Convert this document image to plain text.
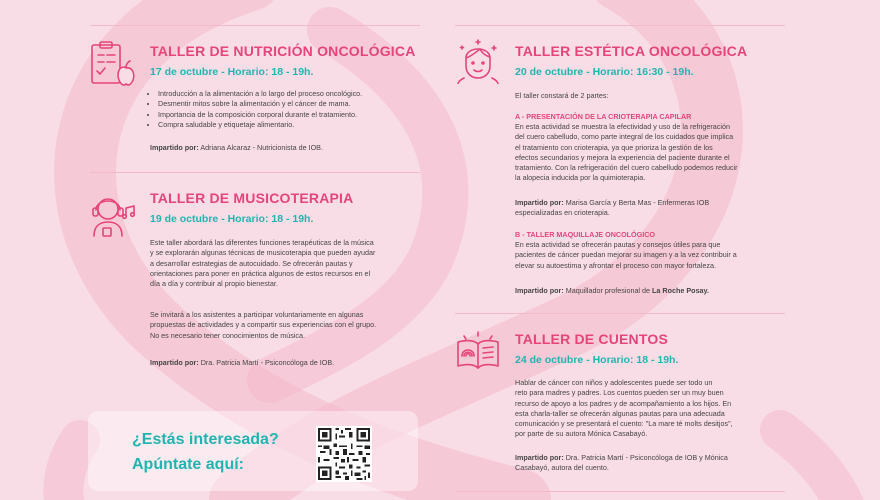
TALLER DE NUTRICIÓN ONCOLÓGICA

17 de octubre - Horario: 18 - 19h.

• Introducción a la alimentación a lo largo del proceso oncológico.
• Desmentir mitos sobre la alimentación y el cáncer de mama.
• Importancia de la composición corporal durante el tratamiento.
• Compra saludable y etiquetaje alimentario.

Impartido por: Adriana Alcaraz - Nutricionista de IOB.

TALLER DE MUSICOTERAPIA

19 de octubre - Horario: 18 - 19h.

Este taller abordará las diferentes funciones terapéuticas de la música
y se explorarán algunas técnicas de musicoterapia que pueden ayudar
a desarrollar estrategias de autocuidado. Se ofrecerán pautas y
orientaciones para poner en práctica algunos de estos recursos en el
día a día y contribuir al propio bienestar.
Se invitará a los asistentes a participar voluntariamente en algunas
propuestas de actividades y a compartir sus experiencias con el grupo.
No es necesario tener conocimientos de música.

Impartido por: Dra. Patricia Martí - Psiconcóloga de IOB.

¿Estás interesada?

Apúntate aquí:

TALLER ESTÉTICA ONCOLÓGICA

20 de octubre - Horario: 16:30 - 19h.

El taller constará de 2 partes:

A - PRESENTACIÓN DE LA CRIOTERAPIA CAPILAR

En esta actividad se muestra la efectividad y uso de la refrigeración
del cuero cabelludo, como parte integral de los cuidados que implica
el tratamiento con crioterapia, ya que prioriza la gestión de los
efectos secundarios y mejora la experiencia del paciente durante el
tratamiento. Con la refrigeración del cuero cabelludo podemos reducir
la alopecia inducida por la quimioterapia.
Impartido por: Marisa García y Berta Mas - Enfermeras IOB
especializadas en crioterapia.

B - TALLER MAQUILLAJE ONCOLÓGICO

En esta actividad se ofrecerán pautas y consejos útiles para que
pacientes de cáncer puedan mejorar su imagen y a la vez contribuir a
elevar su autoestima y afrontar el proceso con mayor fortaleza.

Impartido por: Maquillador profesional de La Roche Posay.

TALLER DE CUENTOS

24 de octubre - Horario: 18 - 19h.

Hablar de cáncer con niños y adolescentes puede ser todo un
reto para madres y padres. Los cuentos pueden ser un muy buen
recurso de apoyo a los padres y de acompañamiento a los hijos. En
esta charla-taller se ofrecerán algunas pautas para una adecuada
comunicación y se presentará el cuento: "La mare té molts desitjos",
por parte de su autora Mónica Casabayó.
Impartido por: Dra. Patricia Martí - Psiconcóloga de IOB y Mónica
Casabayó, autora del cuento.
